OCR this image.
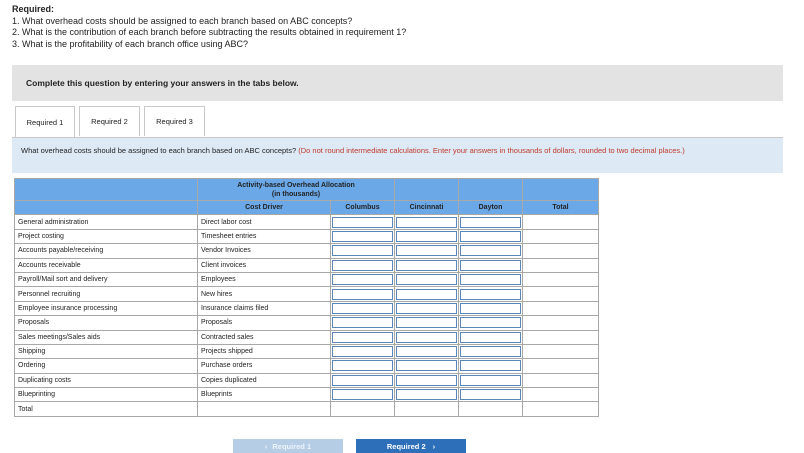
Required:
1. What overhead costs should be assigned to each branch based on ABC concepts?
2. What is the contribution of each branch before subtracting the results obtained in requirement 1?
3. What is the profitability of each branch office using ABC?
Complete this question by entering your answers in the tabs below.
Required 1	Required 2	Required 3
What overhead costs should be assigned to each branch based on ABC concepts? (Do not round intermediate calculations. Enter your answers in thousands of dollars, rounded to two decimal places.)

	Activity-based Overhead Allocation
(in thousands)				

	Cost Driver	Columbus	Cincinnati	Dayton	Total
General administration	Direct labor cost	

Project costing	Timesheet entries	

Accounts payable/receiving	Vendor Invoices	

Accounts receivable	Client invoices	

Payroll/Mail sort and delivery	Employees	

Personnel recruiting	New hires	

Employee insurance processing	Insurance claims filed	

Proposals	Proposals	

Sales meetings/Sales aids	Contracted sales	

Shipping	Projects shipped	

Ordering	Purchase orders	

Duplicating costs	Copies duplicated	

Blueprinting	Blueprints	

Total					
‹ Required 1	Required 2 ›
